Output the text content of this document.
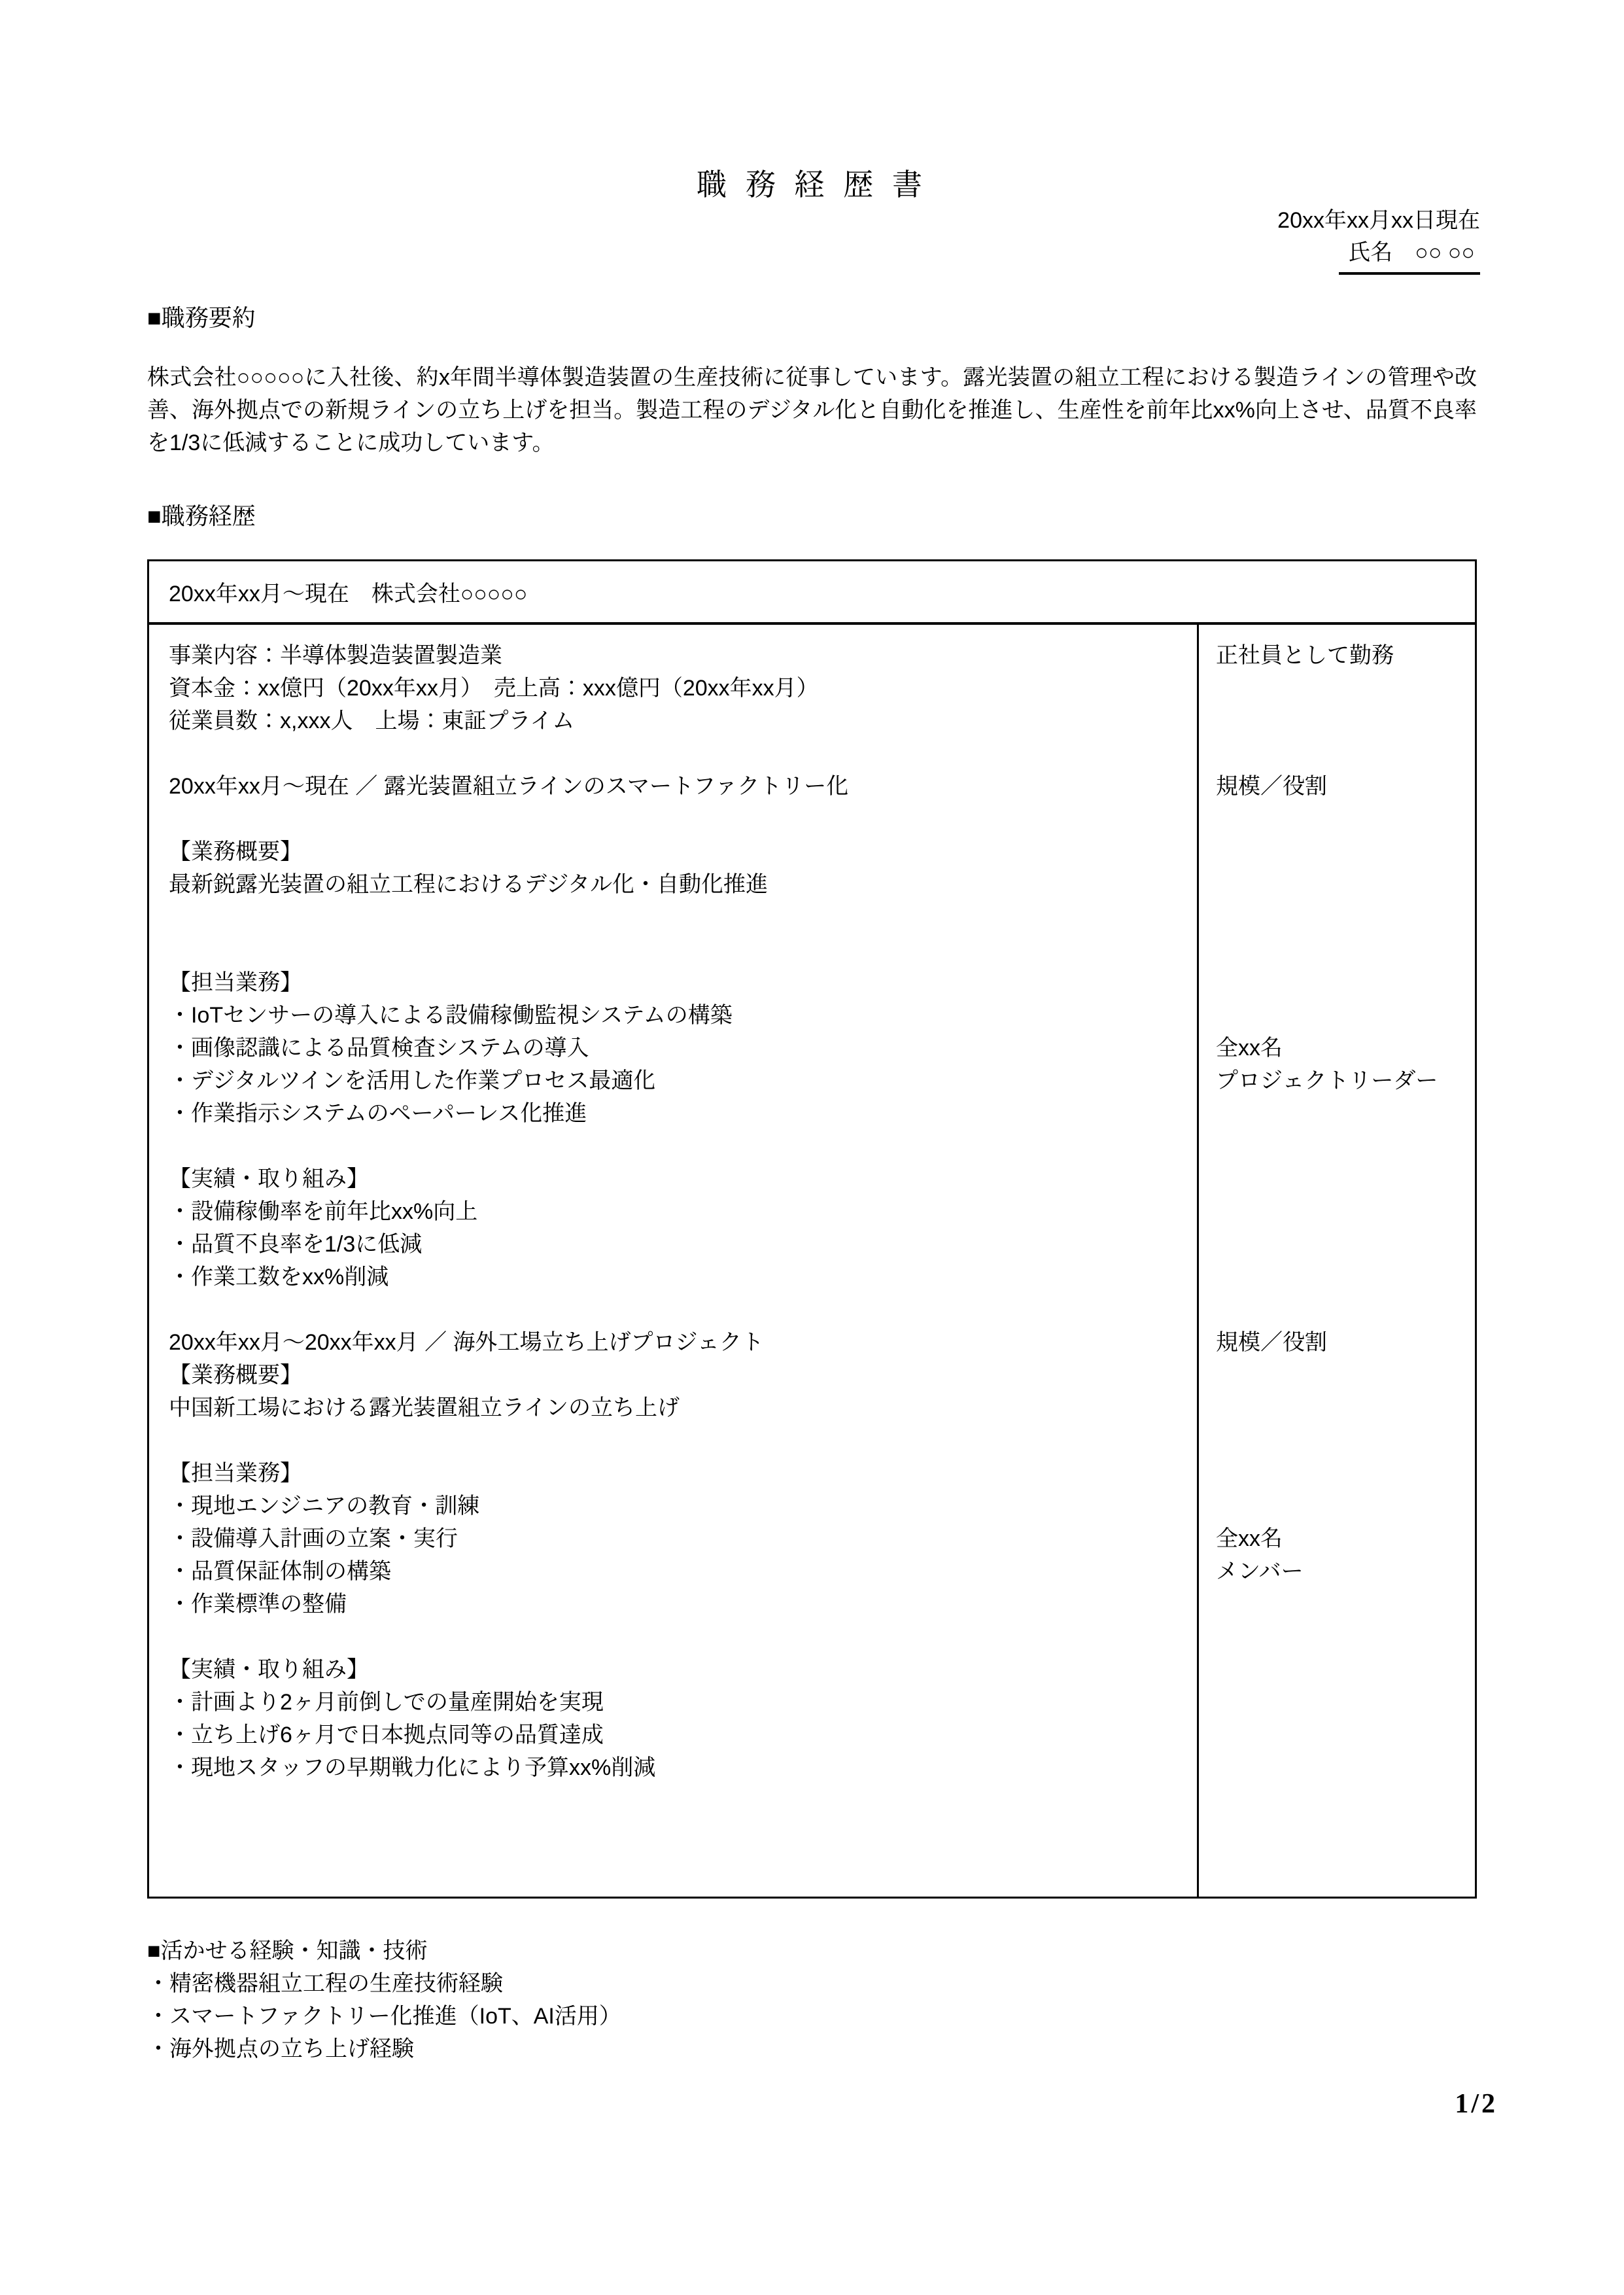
職 務 経 歴 書
20xx年xx月xx日現在
氏名　○○ ○○
■職務要約
株式会社○○○○○に入社後、約x年間半導体製造装置の生産技術に従事しています。露光装置の組立工程における製造ラインの管理や改善、海外拠点での新規ラインの立ち上げを担当。製造工程のデジタル化と自動化を推進し、生産性を前年比xx%向上させ、品質不良率を1/3に低減することに成功しています。
■職務経歴
20xx年xx月～現在　株式会社○○○○○
事業内容：半導体製造装置製造業
資本金：xx億円（20xx年xx月）　売上高：xxx億円（20xx年xx月）
従業員数：x,xxx人　上場：東証プライム
20xx年xx月～現在 ／ 露光装置組立ラインのスマートファクトリー化
【業務概要】
最新鋭露光装置の組立工程におけるデジタル化・自動化推進
【担当業務】
・IoTセンサーの導入による設備稼働監視システムの構築
・画像認識による品質検査システムの導入
・デジタルツインを活用した作業プロセス最適化
・作業指示システムのペーパーレス化推進
【実績・取り組み】
・設備稼働率を前年比xx%向上
・品質不良率を1/3に低減
・作業工数をxx%削減
20xx年xx月～20xx年xx月 ／ 海外工場立ち上げプロジェクト
【業務概要】
中国新工場における露光装置組立ラインの立ち上げ
【担当業務】
・現地エンジニアの教育・訓練
・設備導入計画の立案・実行
・品質保証体制の構築
・作業標準の整備
【実績・取り組み】
・計画より2ヶ月前倒しでの量産開始を実現
・立ち上げ6ヶ月で日本拠点同等の品質達成
・現地スタッフの早期戦力化により予算xx%削減
正社員として勤務
規模／役割
全xx名
プロジェクトリーダー
規模／役割
全xx名
メンバー
■活かせる経験・知識・技術
・精密機器組立工程の生産技術経験
・スマートファクトリー化推進（IoT、AI活用）
・海外拠点の立ち上げ経験
1/2
